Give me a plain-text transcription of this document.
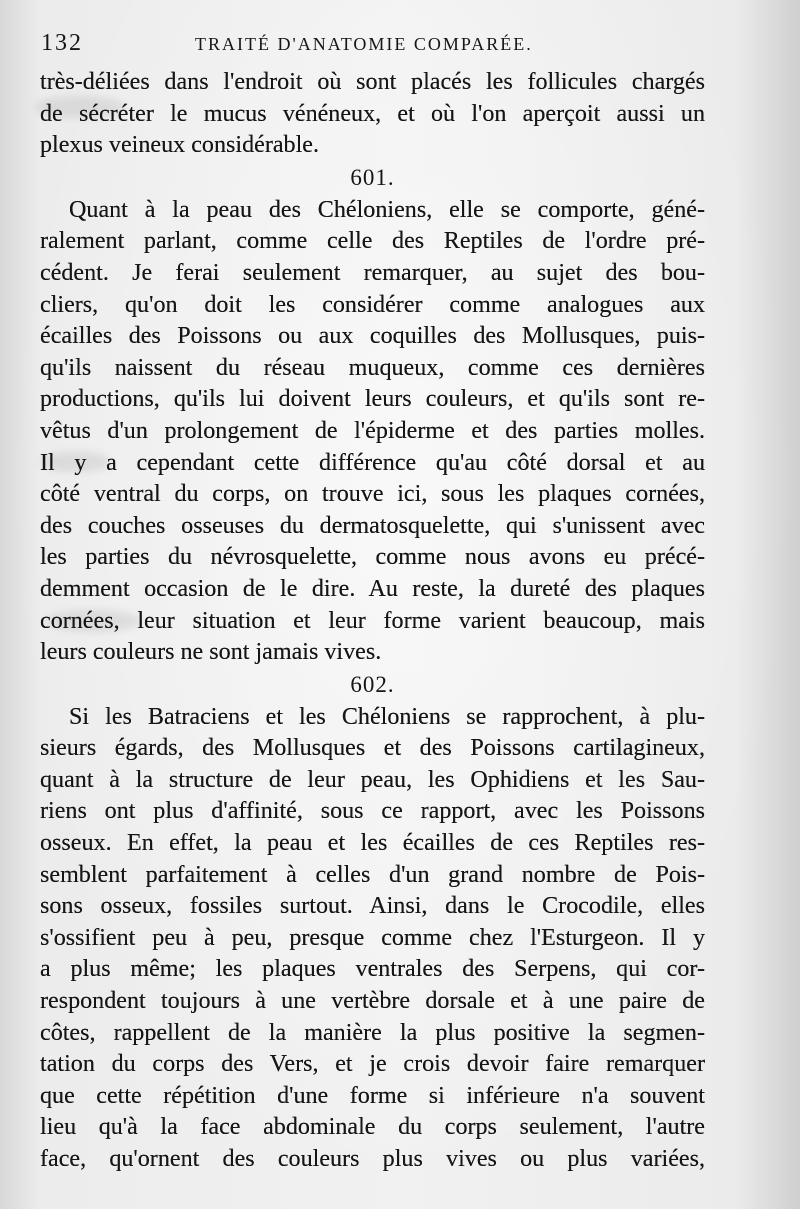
132	TRAITÉ D'ANATOMIE COMPARÉE.
très-déliées dans l'endroit où sont placés les follicules chargés
de sécréter le mucus vénéneux, et où l'on aperçoit aussi un
plexus veineux considérable.
601.
Quant à la peau des Chéloniens, elle se comporte, géné-
ralement parlant, comme celle des Reptiles de l'ordre pré-
cédent. Je ferai seulement remarquer, au sujet des bou-
cliers, qu'on doit les considérer comme analogues aux
écailles des Poissons ou aux coquilles des Mollusques, puis-
qu'ils naissent du réseau muqueux, comme ces dernières
productions, qu'ils lui doivent leurs couleurs, et qu'ils sont re-
vêtus d'un prolongement de l'épiderme et des parties molles.
Il y a cependant cette différence qu'au côté dorsal et au
côté ventral du corps, on trouve ici, sous les plaques cornées,
des couches osseuses du dermatosquelette, qui s'unissent avec
les parties du névrosquelette, comme nous avons eu précé-
demment occasion de le dire. Au reste, la dureté des plaques
cornées, leur situation et leur forme varient beaucoup, mais
leurs couleurs ne sont jamais vives.
602.
Si les Batraciens et les Chéloniens se rapprochent, à plu-
sieurs égards, des Mollusques et des Poissons cartilagineux,
quant à la structure de leur peau, les Ophidiens et les Sau-
riens ont plus d'affinité, sous ce rapport, avec les Poissons
osseux. En effet, la peau et les écailles de ces Reptiles res-
semblent parfaitement à celles d'un grand nombre de Pois-
sons osseux, fossiles surtout. Ainsi, dans le Crocodile, elles
s'ossifient peu à peu, presque comme chez l'Esturgeon. Il y
a plus même; les plaques ventrales des Serpens, qui cor-
respondent toujours à une vertèbre dorsale et à une paire de
côtes, rappellent de la manière la plus positive la segmen-
tation du corps des Vers, et je crois devoir faire remarquer
que cette répétition d'une forme si inférieure n'a souvent
lieu qu'à la face abdominale du corps seulement, l'autre
face, qu'ornent des couleurs plus vives ou plus variées,
